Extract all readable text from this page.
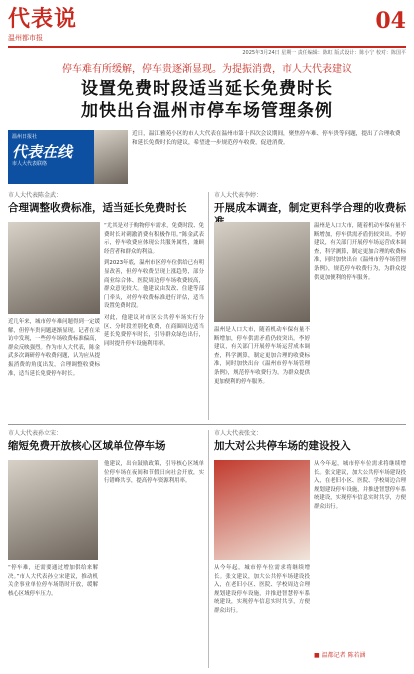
代表说
温州都市报
04
2025年3月24日 星期一 责任编辑：陈虹 版式设计：陈小宁 校对：陈国平
停车难有所缓解，停车贵逐渐显现。为提振消费，市人大代表建议
设置免费时段适当延长免费时长
加快出台温州市停车场管理条例
温州日报社
代表在线
市人大代表联络
近日，温江雅苑小区的市人大代表在温州市第十四次会议期间，聚焦停车难、停车贵等问题，提出了合理收费和延长免费时长的建议，希望进一步规范停车收费，促进消费。
市人大代表陈金武：
合理调整收费标准，适当延长免费时长
近几年来，城市停车难问题得到一定缓解，但停车贵问题逐渐显现。记者在采访中发现，一些停车场收费标准偏高，群众反映强烈。作为市人大代表，陈金武多次调研停车收费问题，认为应从提振消费的角度出发，合理调整收费标准，适当延长免费停车时长。

“尤其是对于购物停车需求，免费时段、免费时长对刺激消费有积极作用。”陈金武表示，停车收费应体现公共服务属性，兼顾经营者和群众的利益。

到2023年底，温州市区停车位供给已有明显改善，但停车收费呈现上涨趋势，部分商业综合体、医院周边停车场收费较高，群众意见较大。他建议由发改、住建等部门牵头，对停车收费标准进行评估，适当设置免费时段。

对此，他建议对市区公共停车场实行分区、分时段差别化收费，在商圈周边适当延长免费停车时长，引导群众绿色出行，同时提升停车设施利用率。

市人大代表李婷：
开展成本调查，制定更科学合理的收费标
温州是人口大市，随着机动车保有量不断增加，停车供需矛盾仍较突出。李婷建议，有关部门开展停车场运营成本调查，科学测算，制定更加合理的收费标准，同时加快出台《温州市停车场管理条例》，规范停车收费行为，为群众提供更加便利的停车服务。
温州是人口大市，随着机动车保有量不断增加，停车供需矛盾仍较突出。李婷建议，有关部门开展停车场运营成本调查，科学测算，制定更加合理的收费标准，同时加快出台《温州市停车场管理条例》，规范停车收费行为，为群众提供更加便利的停车服务。
市人大代表孙立宋：
缩短免费开放核心区域单位停车场
“停车难，还需要通过增加供给来解决。”市人大代表孙立宋建议，推动机关企事业单位停车场错时开放，缓解核心区域停车压力。
他建议，出台鼓励政策，引导核心区域单位停车场在夜间和节假日向社会开放，实行错峰共享，提高停车资源利用率。
市人大代表张文：
加大对公共停车场的建设投入
从今年起，城市停车位需求将继续增长。张文建议，加大公共停车场建设投入，在老旧小区、医院、学校周边合理规划建设停车设施，并推进智慧停车系统建设，实现停车信息实时共享，方便群众出行。
从今年起，城市停车位需求将继续增长。张文建议，加大公共停车场建设投入，在老旧小区、医院、学校周边合理规划建设停车设施，并推进智慧停车系统建设，实现停车信息实时共享，方便群众出行。
■ 温都记者 陈若涵
